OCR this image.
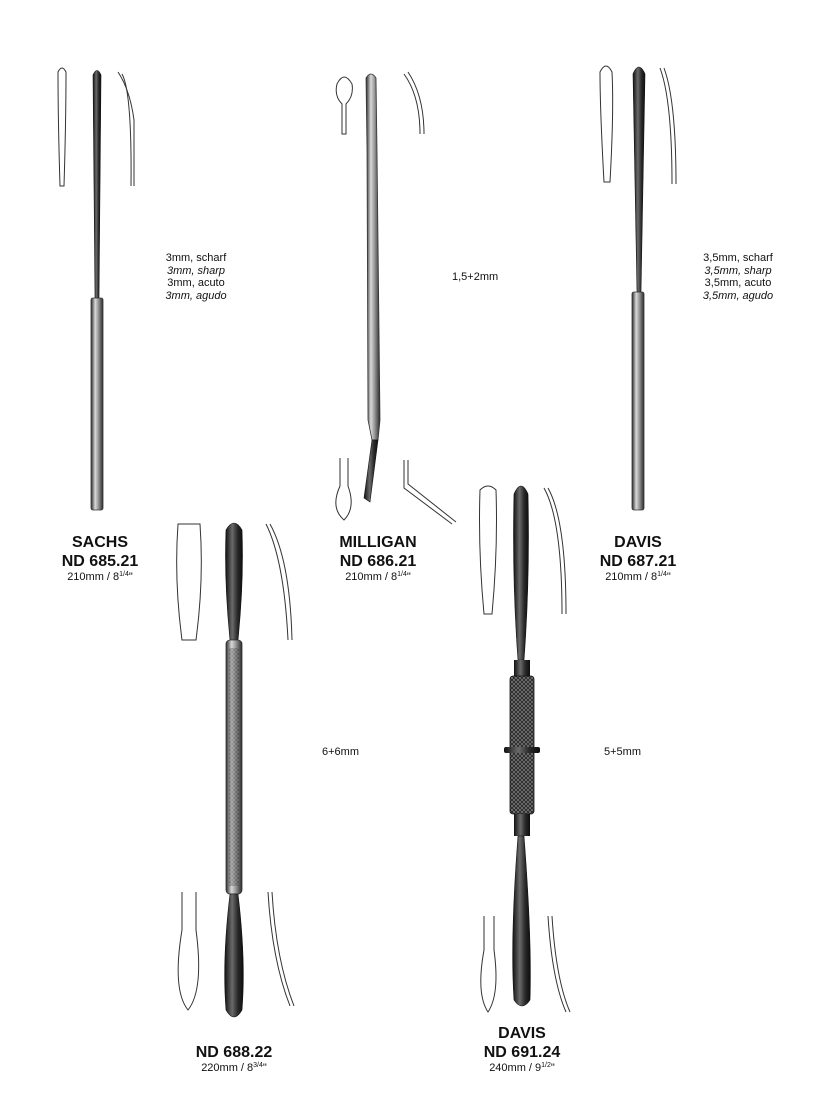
3mm, scharf
3mm, sharp
3mm, acuto
3mm, agudo
SACHS
ND 685.21
$210mm / 8^{1/4}$"
1,5+2mm
MILLIGAN
ND 686.21
$210mm / 8^{1/4}$"
3,5mm, scharf
3,5mm, sharp
3,5mm, acuto
3,5mm, agudo
DAVIS
ND 687.21
$210mm / 8^{1/4}$"
6+6mm
ND 688.22
$220mm / 8^{3/4}$"
5+5mm
DAVIS
ND 691.24
$240mm / 9^{1/2}$"
